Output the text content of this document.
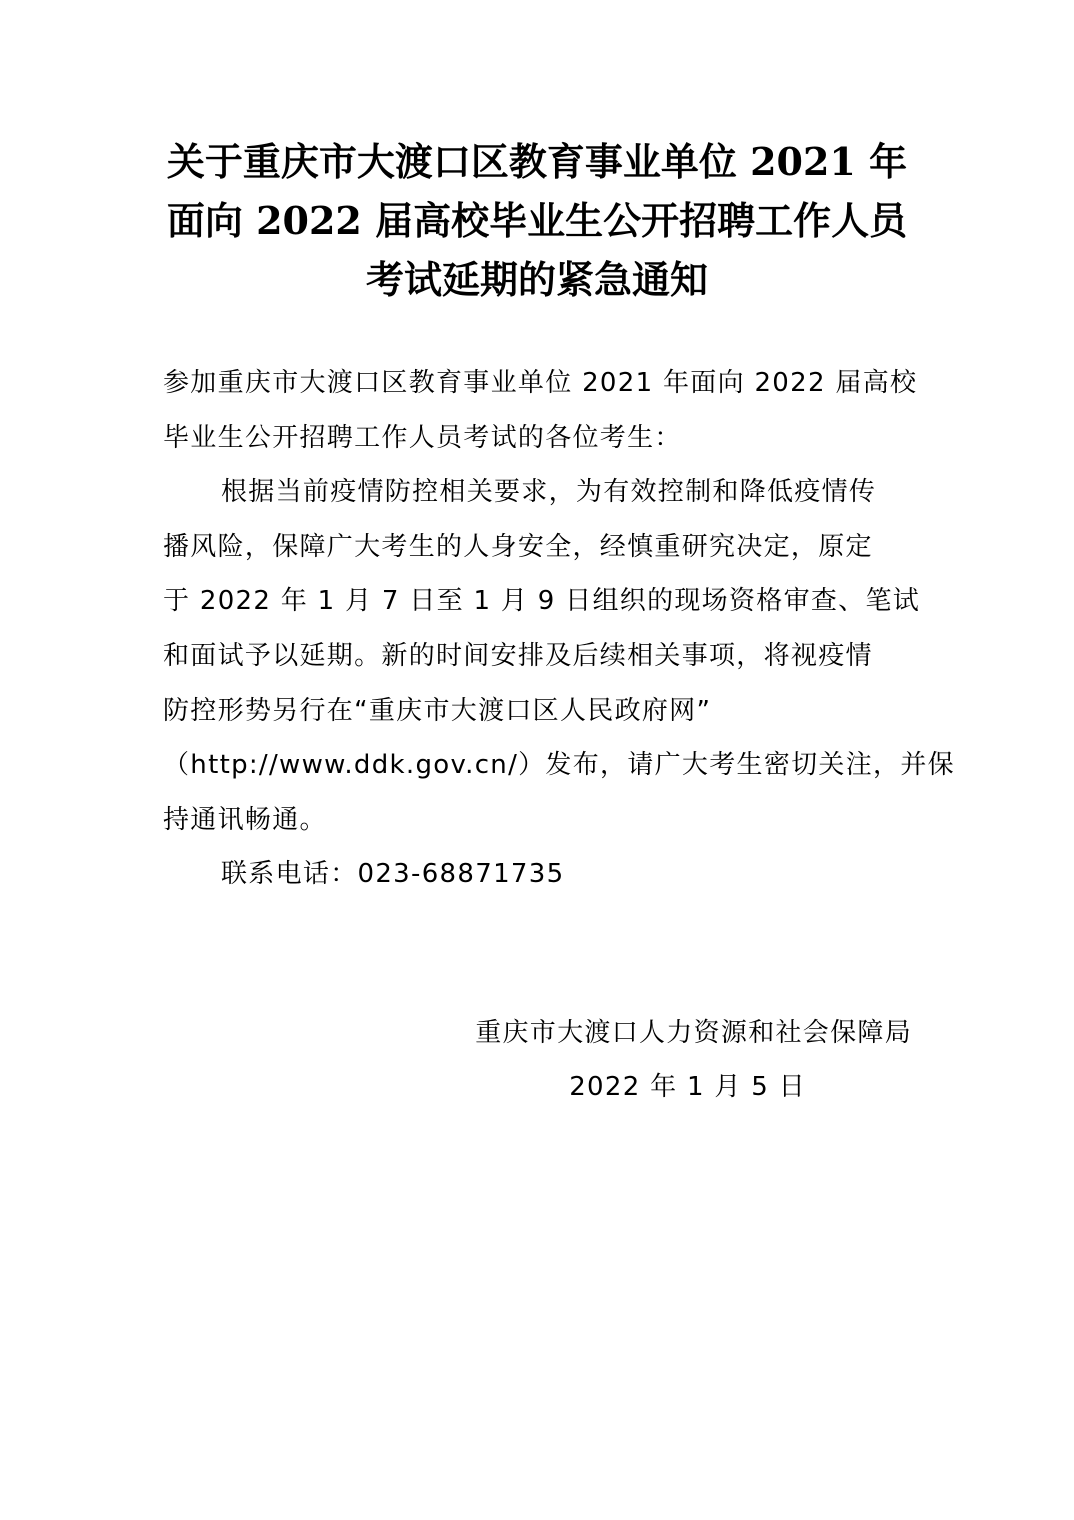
关于重庆市大渡口区教育事业单位 2021 年
面向 2022 届高校毕业生公开招聘工作人员
考试延期的紧急通知
参加重庆市大渡口区教育事业单位 2021 年面向 2022 届高校
毕业生公开招聘工作人员考试的各位考生：
根据当前疫情防控相关要求，为有效控制和降低疫情传
播风险，保障广大考生的人身安全，经慎重研究决定，原定
于 2022 年 1 月 7 日至 1 月 9 日组织的现场资格审查、笔试
和面试予以延期。新的时间安排及后续相关事项，将视疫情
防控形势另行在“重庆市大渡口区人民政府网”
（http://www.ddk.gov.cn/）发布，请广大考生密切关注，并保
持通讯畅通。
联系电话：023-68871735
重庆市大渡口人力资源和社会保障局
2022 年 1 月 5 日
